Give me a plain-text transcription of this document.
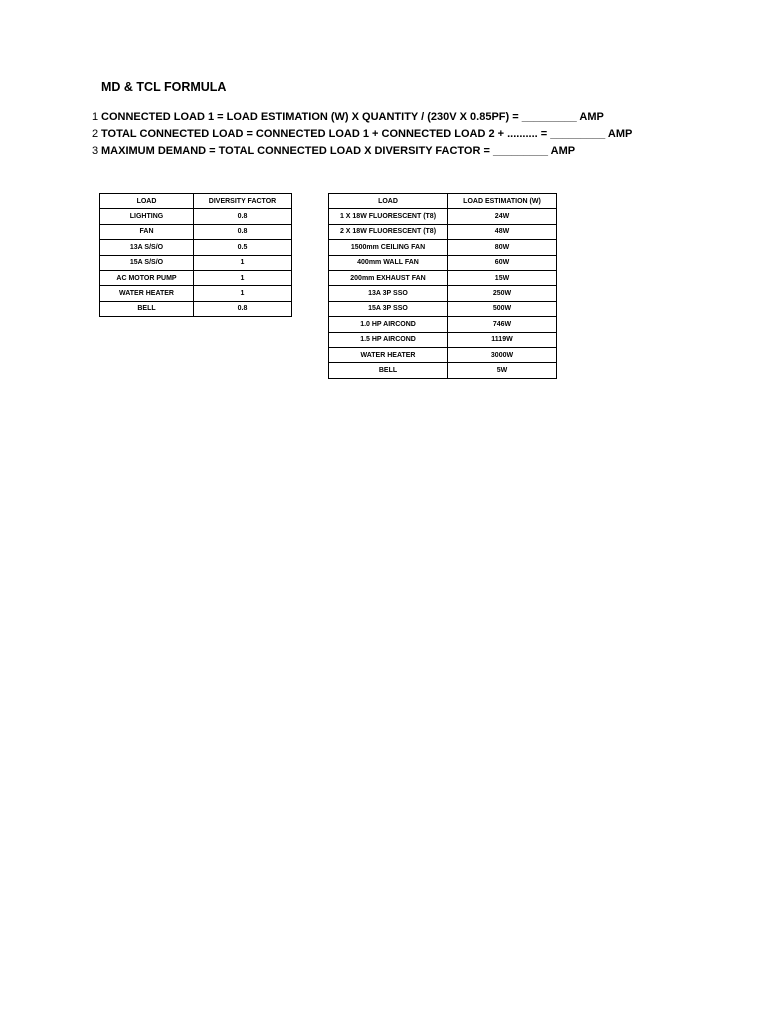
MD & TCL FORMULA
1 CONNECTED LOAD 1 = LOAD ESTIMATION (W) X QUANTITY / (230V X 0.85PF) = _________ AMP
2 TOTAL CONNECTED LOAD = CONNECTED LOAD 1 + CONNECTED LOAD 2 + .......... = _________ AMP
3 MAXIMUM DEMAND = TOTAL CONNECTED LOAD X DIVERSITY FACTOR = _________ AMP
LOAD	DIVERSITY FACTOR
LIGHTING	0.8
FAN	0.8
13A S/S/O	0.5
15A S/S/O	1
AC MOTOR PUMP	1
WATER HEATER	1
BELL	0.8
LOAD	LOAD ESTIMATION (W)
1 X 18W FLUORESCENT (T8)	24W
2 X 18W FLUORESCENT (T8)	48W
1500mm CEILING FAN	80W
400mm WALL FAN	60W
200mm EXHAUST FAN	15W
13A 3P SSO	250W
15A 3P SSO	500W
1.0 HP AIRCOND	746W
1.5 HP AIRCOND	1119W
WATER HEATER	3000W
BELL	5W
